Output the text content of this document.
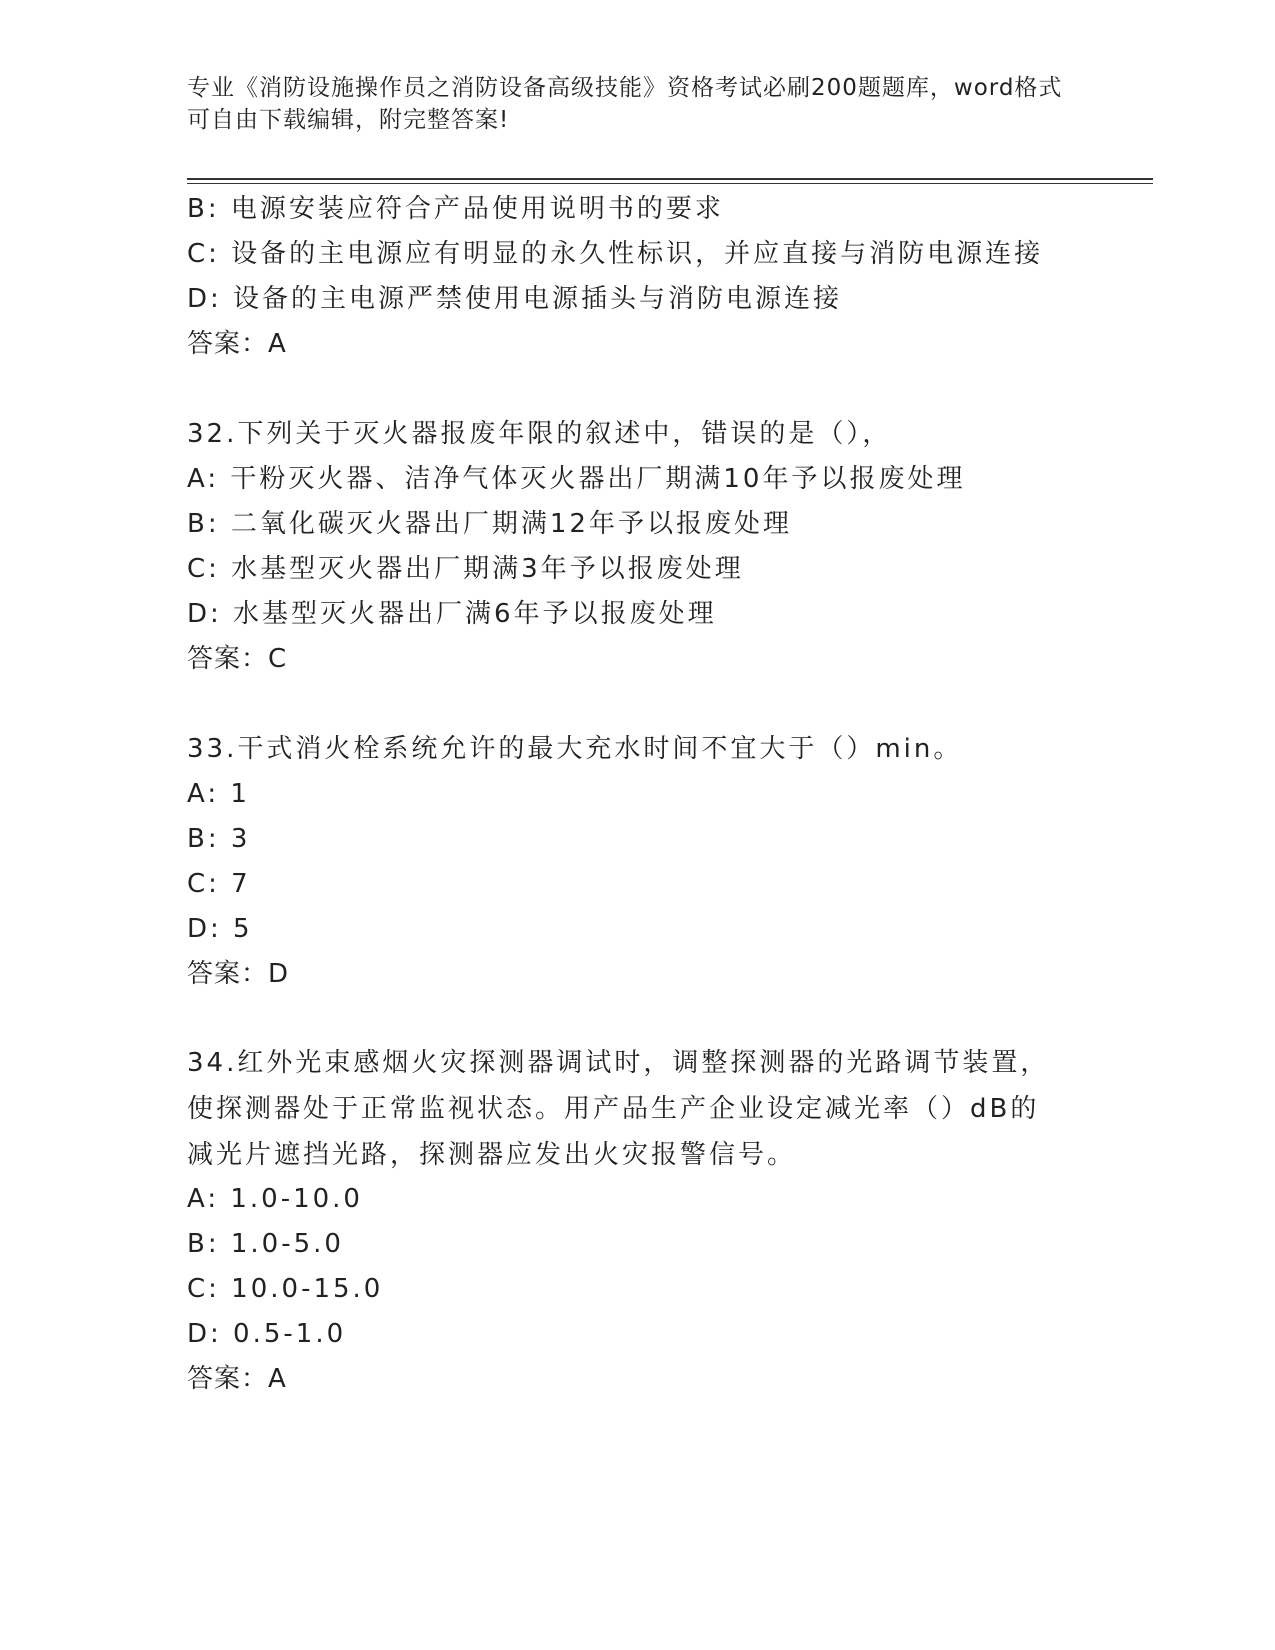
专业《消防设施操作员之消防设备高级技能》资格考试必刷200题题库，word格式可自由下载编辑，附完整答案!
B: 电源安装应符合产品使用说明书的要求
C: 设备的主电源应有明显的永久性标识，并应直接与消防电源连接
D: 设备的主电源严禁使用电源插头与消防电源连接
答案：A
32.下列关于灭火器报废年限的叙述中，错误的是（），
A: 干粉灭火器、洁净气体灭火器出厂期满10年予以报废处理
B: 二氧化碳灭火器出厂期满12年予以报废处理
C: 水基型灭火器出厂期满3年予以报废处理
D: 水基型灭火器出厂满6年予以报废处理
答案：C
33.干式消火栓系统允许的最大充水时间不宜大于（）min。
A: 1
B: 3
C: 7
D: 5
答案：D
34.红外光束感烟火灾探测器调试时，调整探测器的光路调节装置，使探测器处于正常监视状态。用产品生产企业设定减光率（）dB的减光片遮挡光路，探测器应发出火灾报警信号。
A: 1.0-10.0
B: 1.0-5.0
C: 10.0-15.0
D: 0.5-1.0
答案：A
